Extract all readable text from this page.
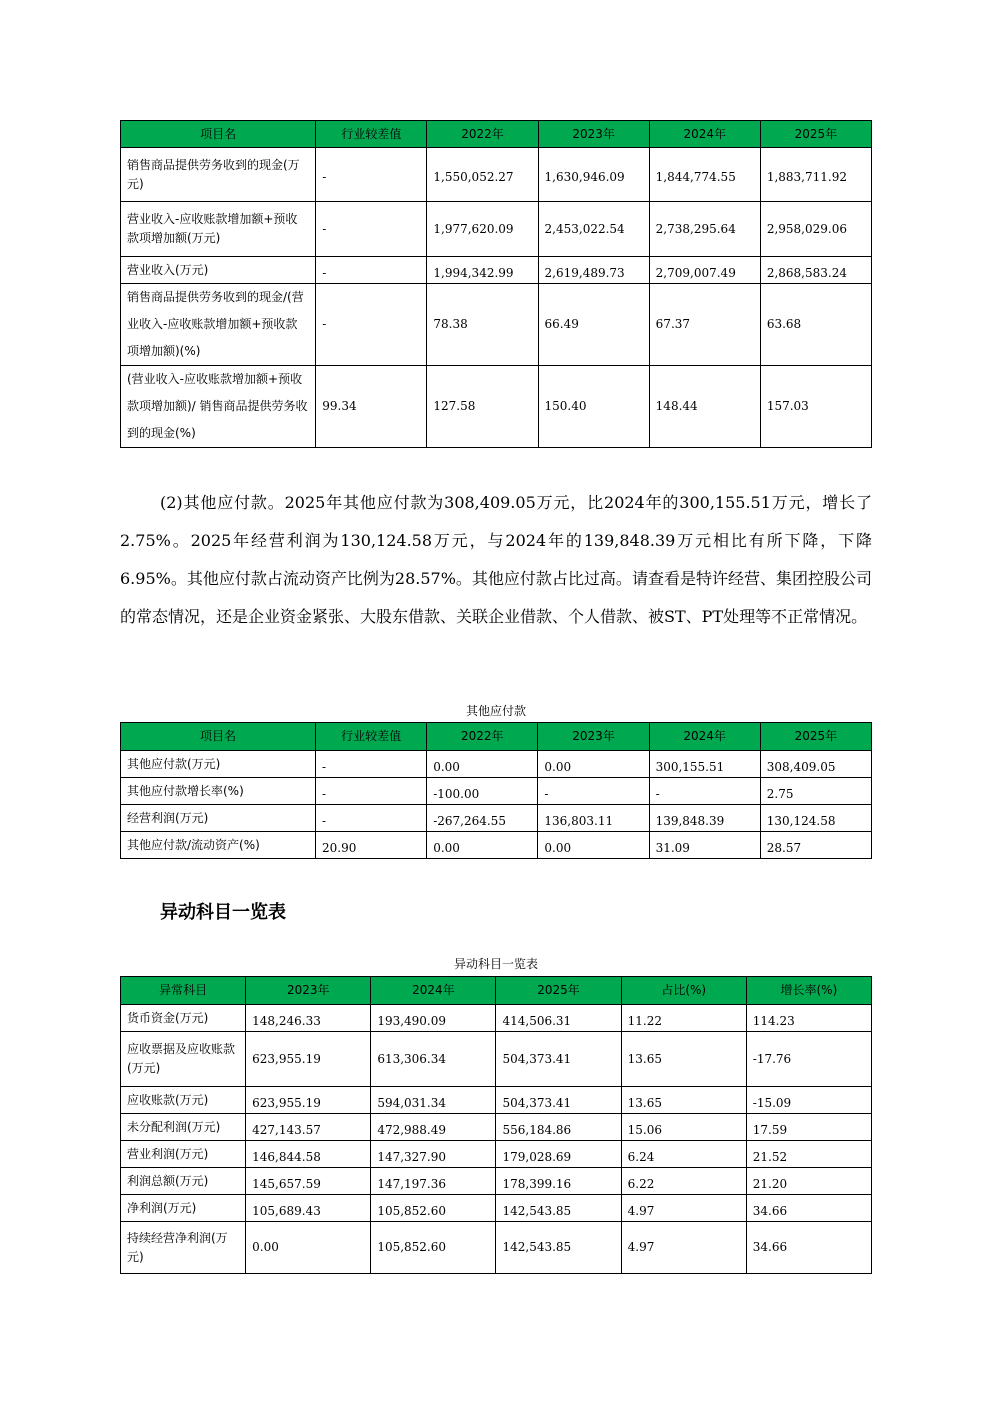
项目名	行业较差值	2022年	2023年	2024年	2025年
销售商品提供劳务收到的现金(万元)	-	1,550,052.27	1,630,946.09	1,844,774.55	1,883,711.92
营业收入-应收账款增加额+预收款项增加额(万元)	-	1,977,620.09	2,453,022.54	2,738,295.64	2,958,029.06
营业收入(万元)	-	1,994,342.99	2,619,489.73	2,709,007.49	2,868,583.24
销售商品提供劳务收到的现金/(营业收入-应收账款增加额+预收款项增加额)(%)	-	78.38	66.49	67.37	63.68
(营业收入-应收账款增加额+预收款项增加额)/ 销售商品提供劳务收到的现金(%)	99.34	127.58	150.40	148.44	157.03
(2)其他应付款。2025年其他应付款为308,409.05万元，比2024年的300,155.51万元，增长了2.75%。2025年经营利润为130,124.58万元，与2024年的139,848.39万元相比有所下降，下降6.95%。其他应付款占流动资产比例为28.57%。其他应付款占比过高。请查看是特许经营、集团控股公司的常态情况，还是企业资金紧张、大股东借款、关联企业借款、个人借款、被ST、PT处理等不正常情况。
其他应付款
项目名	行业较差值	2022年	2023年	2024年	2025年
其他应付款(万元)	-	0.00	0.00	300,155.51	308,409.05
其他应付款增长率(%)	-	-100.00	-	-	2.75
经营利润(万元)	-	-267,264.55	136,803.11	139,848.39	130,124.58
其他应付款/流动资产(%)	20.90	0.00	0.00	31.09	28.57
异动科目一览表
异动科目一览表
异常科目	2023年	2024年	2025年	占比(%)	增长率(%)
货币资金(万元)	148,246.33	193,490.09	414,506.31	11.22	114.23
应收票据及应收账款(万元)	623,955.19	613,306.34	504,373.41	13.65	-17.76
应收账款(万元)	623,955.19	594,031.34	504,373.41	13.65	-15.09
未分配利润(万元)	427,143.57	472,988.49	556,184.86	15.06	17.59
营业利润(万元)	146,844.58	147,327.90	179,028.69	6.24	21.52
利润总额(万元)	145,657.59	147,197.36	178,399.16	6.22	21.20
净利润(万元)	105,689.43	105,852.60	142,543.85	4.97	34.66
持续经营净利润(万元)	0.00	105,852.60	142,543.85	4.97	34.66
